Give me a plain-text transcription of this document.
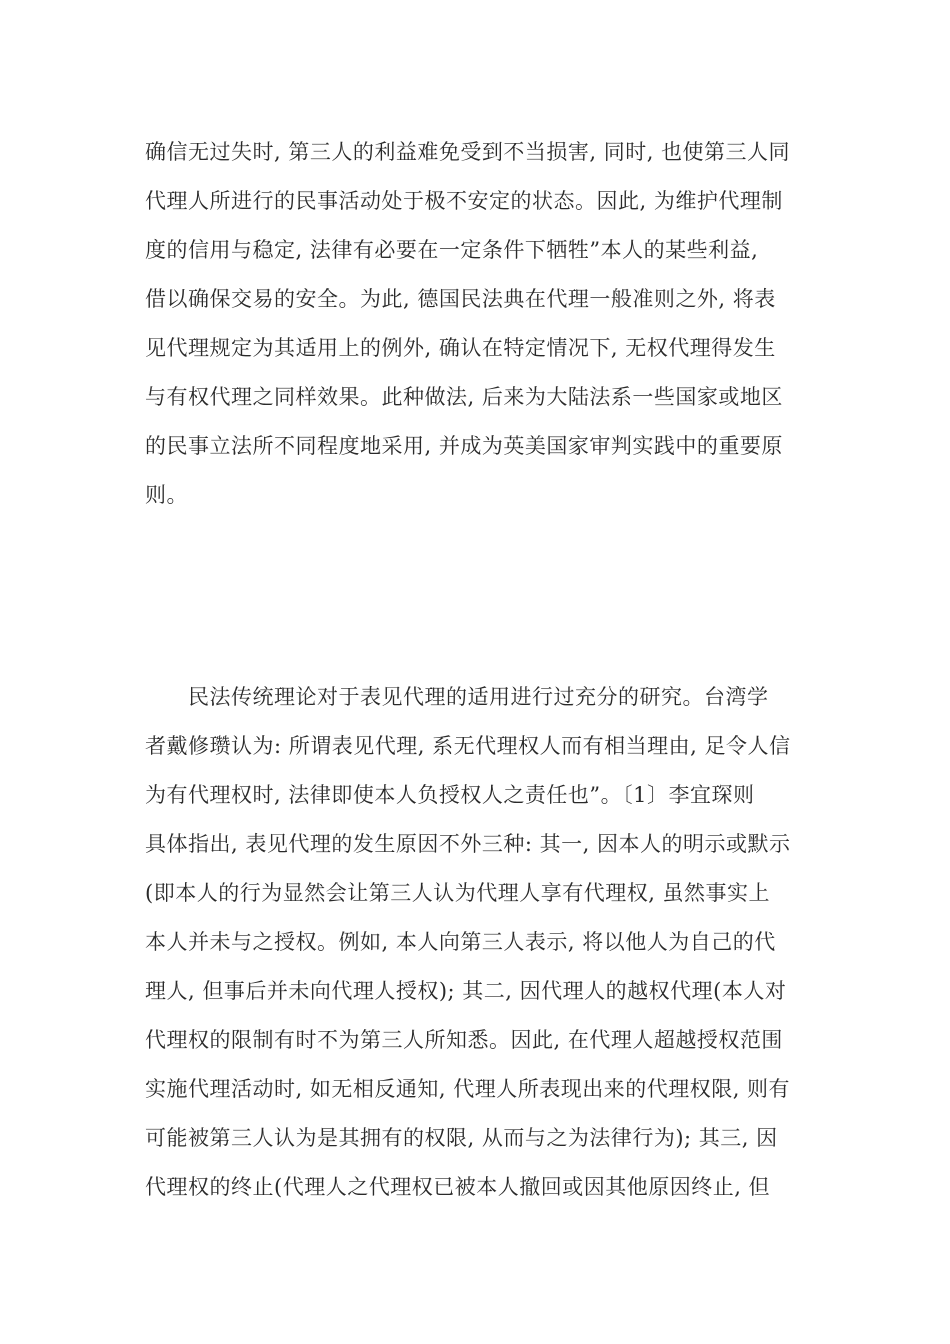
确信无过失时, 第三人的利益难免受到不当损害, 同时, 也使第三人同
代理人所进行的民事活动处于极不安定的状态。因此, 为维护代理制
度的信用与稳定, 法律有必要在一定条件下牺牲”本人的某些利益,
借以确保交易的安全。为此, 德国民法典在代理一般准则之外, 将表
见代理规定为其适用上的例外, 确认在特定情况下, 无权代理得发生
与有权代理之同样效果。此种做法, 后来为大陆法系一些国家或地区
的民事立法所不同程度地采用, 并成为英美国家审判实践中的重要原
则。
　　民法传统理论对于表见代理的适用进行过充分的研究。台湾学
者戴修瓒认为: 所谓表见代理, 系无代理权人而有相当理由, 足令人信
为有代理权时, 法律即使本人负授权人之责任也”。〔1〕李宜琛则
具体指出, 表见代理的发生原因不外三种: 其一, 因本人的明示或默示
(即本人的行为显然会让第三人认为代理人享有代理权, 虽然事实上
本人并未与之授权。例如, 本人向第三人表示, 将以他人为自己的代
理人, 但事后并未向代理人授权); 其二, 因代理人的越权代理(本人对
代理权的限制有时不为第三人所知悉。因此, 在代理人超越授权范围
实施代理活动时, 如无相反通知, 代理人所表现出来的代理权限, 则有
可能被第三人认为是其拥有的权限, 从而与之为法律行为); 其三, 因
代理权的终止(代理人之代理权已被本人撤回或因其他原因终止, 但
